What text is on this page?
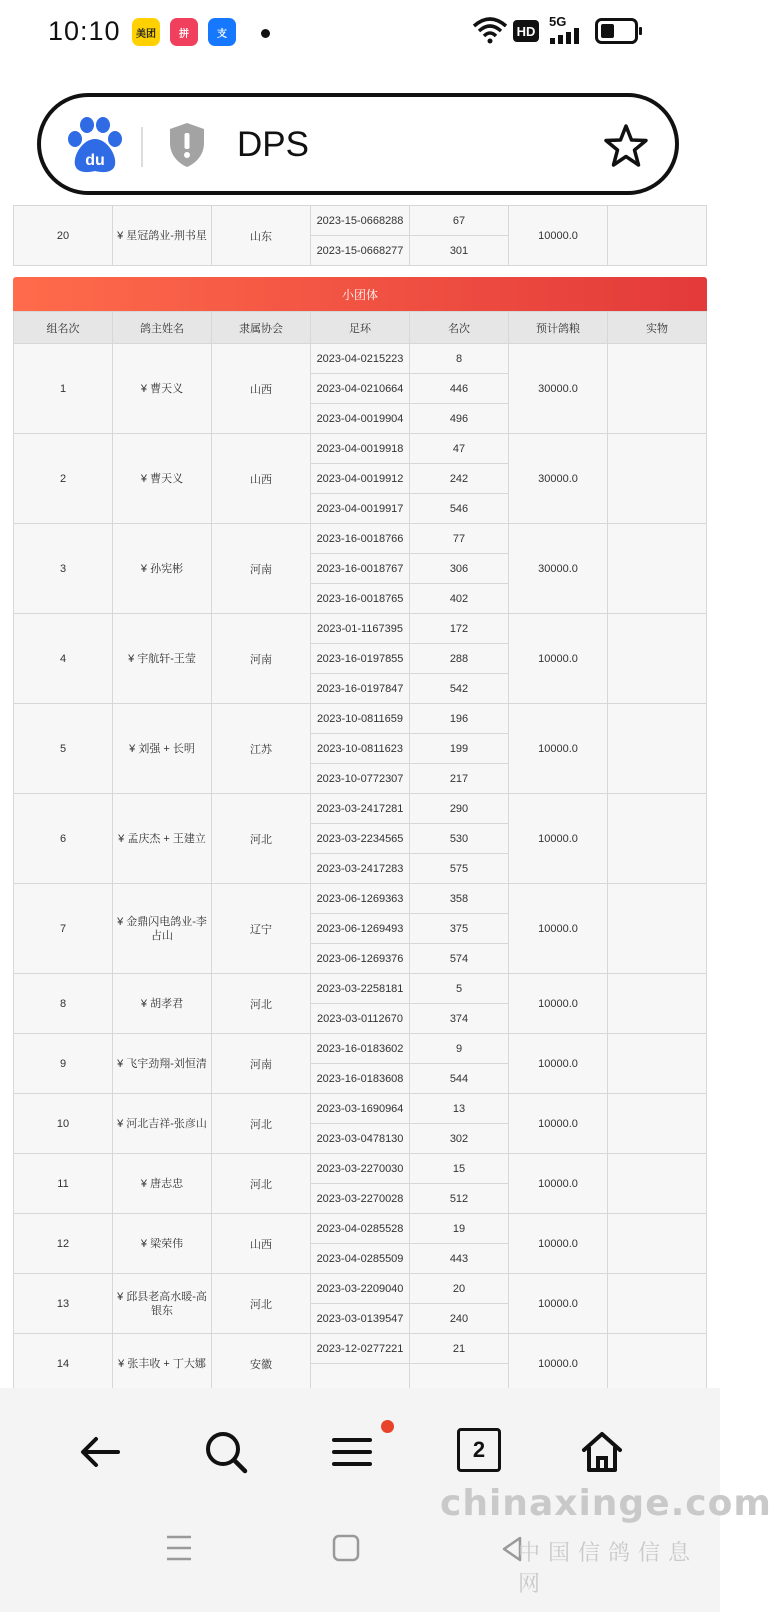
10:10 美团 拼	支	HD
5G
du	DPS
20	¥ 星冠鸽业-荆书星	山东	2023-15-0668288	67	10000.0	
			2023-15-0668277	301		
小团体
组名次	鸽主姓名	隶属协会	足环	名次	预计鸽粮	实物
1	¥ 曹天义	山西	2023-04-0215223	8	30000.0	
			2023-04-0210664	446		
			2023-04-0019904	496		
2	¥ 曹天义	山西	2023-04-0019918	47	30000.0	
			2023-04-0019912	242		
			2023-04-0019917	546		
3	¥ 孙宪彬	河南	2023-16-0018766	77	30000.0	
			2023-16-0018767	306		
			2023-16-0018765	402		
4	¥ 宇航轩-王莹	河南	2023-01-1167395	172	10000.0	
			2023-16-0197855	288		
			2023-16-0197847	542		
5	¥ 刘强 + 长明	江苏	2023-10-0811659	196	10000.0	
			2023-10-0811623	199		
			2023-10-0772307	217		
6	¥ 孟庆杰 + 王建立	河北	2023-03-2417281	290	10000.0	
			2023-03-2234565	530		
			2023-03-2417283	575		
7	¥ 金鼎闪电鸽业-李占山	辽宁	2023-06-1269363	358	10000.0	
			2023-06-1269493	375		
			2023-06-1269376	574		
8	¥ 胡孝君	河北	2023-03-2258181	5	10000.0	
			2023-03-0112670	374		
9	¥ 飞宇劲翔-刘恒清	河南	2023-16-0183602	9	10000.0	
			2023-16-0183608	544		
10	¥ 河北吉祥-张彦山	河北	2023-03-1690964	13	10000.0	
			2023-03-0478130	302		
11	¥ 唐志忠	河北	2023-03-2270030	15	10000.0	
			2023-03-2270028	512		
12	¥ 梁荣伟	山西	2023-04-0285528	19	10000.0	
			2023-04-0285509	443		
13	¥ 邱县老高水暖-高银东	河北	2023-03-2209040	20	10000.0	
			2023-03-0139547	240		
14	¥ 张丰收 + 丁大娜	安徽	2023-12-0277221	21	10000.0	

2
chinaxinge.com
中国信鸽信息网
